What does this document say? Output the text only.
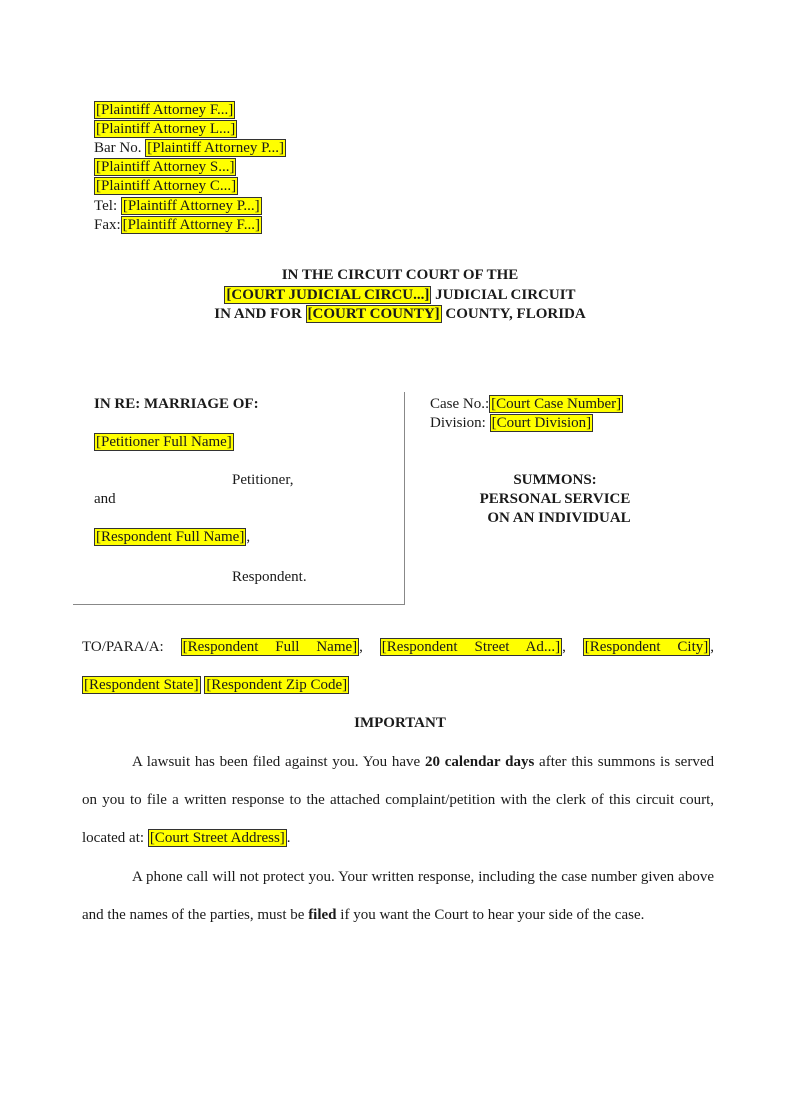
[Plaintiff Attorney F...]
[Plaintiff Attorney L...]
Bar No. [Plaintiff Attorney P...]
[Plaintiff Attorney S...]
[Plaintiff Attorney C...]
Tel: [Plaintiff Attorney P...]
Fax: [Plaintiff Attorney F...]
IN THE CIRCUIT COURT OF THE
[COURT JUDICIAL CIRCU...] JUDICIAL CIRCUIT
IN AND FOR [COURT COUNTY] COUNTY, FLORIDA
IN RE: MARRIAGE OF:
[Petitioner Full Name]
Petitioner,
and
[Respondent Full Name] ,
Respondent.
Case No.: [Court Case Number]
Division: [Court Division]
SUMMONS:
PERSONAL SERVICE
ON AN INDIVIDUAL
TO/PARA/A: [Respondent Full Name] , [Respondent Street Ad...] , [Respondent City] ,
[Respondent State] [Respondent Zip Code]
IMPORTANT
A lawsuit has been filed against you. You have 20 calendar days after this summons is served on you to file a written response to the attached complaint/petition with the clerk of this circuit court, located at: [Court Street Address] .
A phone call will not protect you. Your written response, including the case number given above and the names of the parties, must be filed if you want the Court to hear your side of the case.
